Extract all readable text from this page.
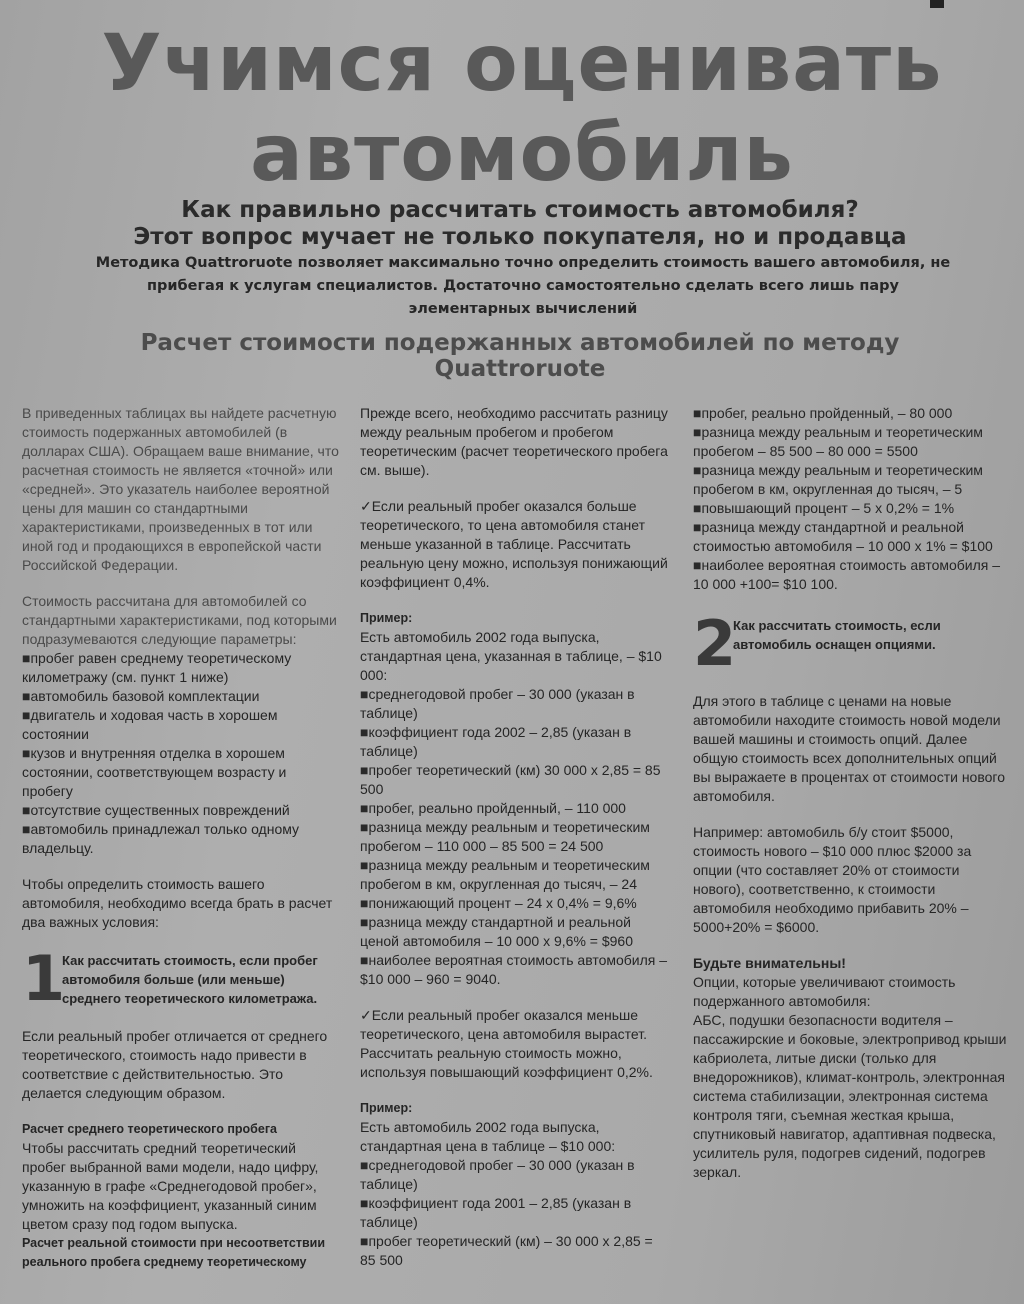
Учимся оценивать
автомобиль
Как правильно рассчитать стоимость автомобиля?
Этот вопрос мучает не только покупателя, но и продавца
Методика Quattroruote позволяет максимально точно определить стоимость вашего автомобиля, не прибегая к услугам специалистов. Достаточно самостоятельно сделать всего лишь пару элементарных вычислений
Расчет стоимости подержанных автомобилей по методу Quattroruote

В приведенных таблицах вы найдете расчетную стоимость подержанных автомобилей (в долларах США). Обращаем ваше внимание, что расчетная стоимость не является «точной» или «средней». Это указатель наиболее вероятной цены для машин со стандартными характеристиками, произведенных в тот или иной год и продающихся в европейской части Российской Федерации.

Стоимость рассчитана для автомобилей со стандартными характеристиками, под которыми подразумеваются следующие параметры:

■ пробег равен среднему теоретическому километражу (см. пункт 1 ниже)
■ автомобиль базовой комплектации
■ двигатель и ходовая часть в хорошем состоянии
■ кузов и внутренняя отделка в хорошем состоянии, соответствующем возрасту и пробегу
■ отсутствие существенных повреждений
■ автомобиль принадлежал только одному владельцу.

Чтобы определить стоимость вашего автомобиля, необходимо всегда брать в расчет два важных условия:

1
Как рассчитать стоимость, если пробег автомобиля больше (или меньше) среднего теоретического километража.

Если реальный пробег отличается от среднего теоретического, стоимость надо привести в соответствие с действительностью. Это делается следующим образом.

Расчет среднего теоретического пробега
Чтобы рассчитать средний теоретический пробег выбранной вами модели, надо цифру, указанную в графе «Среднегодовой пробег», умножить на коэффициент, указанный синим цветом сразу под годом выпуска.
Расчет реальной стоимости при несоответствии реального пробега среднему теоретическому

Прежде всего, необходимо рассчитать разницу между реальным пробегом и пробегом теоретическим (расчет теоретического пробега см. выше).

✓Если реальный пробег оказался больше теоретического, то цена автомобиля станет меньше указанной в таблице. Рассчитать реальную цену можно, используя понижающий коэффициент 0,4%.

Пример:
Есть автомобиль 2002 года выпуска, стандартная цена, указанная в таблице, – $10 000:
■ среднегодовой пробег – 30 000 (указан в таблице)
■ коэффициент года 2002 – 2,85 (указан в таблице)
■ пробег теоретический (км) 30 000 x 2,85 = 85 500
■ пробег, реально пройденный, – 110 000
■ разница между реальным и теоретическим пробегом – 110 000 – 85 500 = 24 500
■ разница между реальным и теоретическим пробегом в км, округленная до тысяч, – 24
■ понижающий процент – 24 х 0,4% = 9,6%
■ разница между стандартной и реальной ценой автомобиля – 10 000 х 9,6% = $960
■ наиболее вероятная стоимость автомобиля – $10 000 – 960 = 9040.

✓Если реальный пробег оказался меньше теоретического, цена автомобиля вырастет. Рассчитать реальную стоимость можно, используя повышающий коэффициент 0,2%.

Пример:
Есть автомобиль 2002 года выпуска, стандартная цена в таблице – $10 000:
■ среднегодовой пробег – 30 000 (указан в таблице)
■ коэффициент года 2001 – 2,85 (указан в таблице)
■ пробег теоретический (км) – 30 000 х 2,85 = 85 500
■ пробег, реально пройденный, – 80 000
■ разница между реальным и теоретическим пробегом – 85 500 – 80 000 = 5500
■ разница между реальным и теоретическим пробегом в км, округленная до тысяч, – 5
■ повышающий процент – 5 х 0,2% = 1%
■ разница между стандартной и реальной стоимостью автомобиля – 10 000 х 1% = $100
■ наиболее вероятная стоимость автомобиля – 10 000 +100= $10 100.
2
Как рассчитать стоимость, если автомобиль оснащен опциями.

Для этого в таблице с ценами на новые автомобили находите стоимость новой модели вашей машины и стоимость опций. Далее общую стоимость всех дополнительных опций вы выражаете в процентах от стоимости нового автомобиля.

Например: автомобиль б/у стоит $5000, стоимость нового – $10 000 плюс $2000 за опции (что составляет 20% от стоимости нового), соответственно, к стоимости автомобиля необходимо прибавить 20% – 5000+20% = $6000.

Будьте внимательны!
Опции, которые увеличивают стоимость подержанного автомобиля:
АБС, подушки безопасности водителя – пассажирские и боковые, электропривод крыши кабриолета, литые диски (только для внедорожников), климат-контроль, электронная система стабилизации, электронная система контроля тяги, съемная жесткая крыша, спутниковый навигатор, адаптивная подвеска, усилитель руля, подогрев сидений, подогрев зеркал.
